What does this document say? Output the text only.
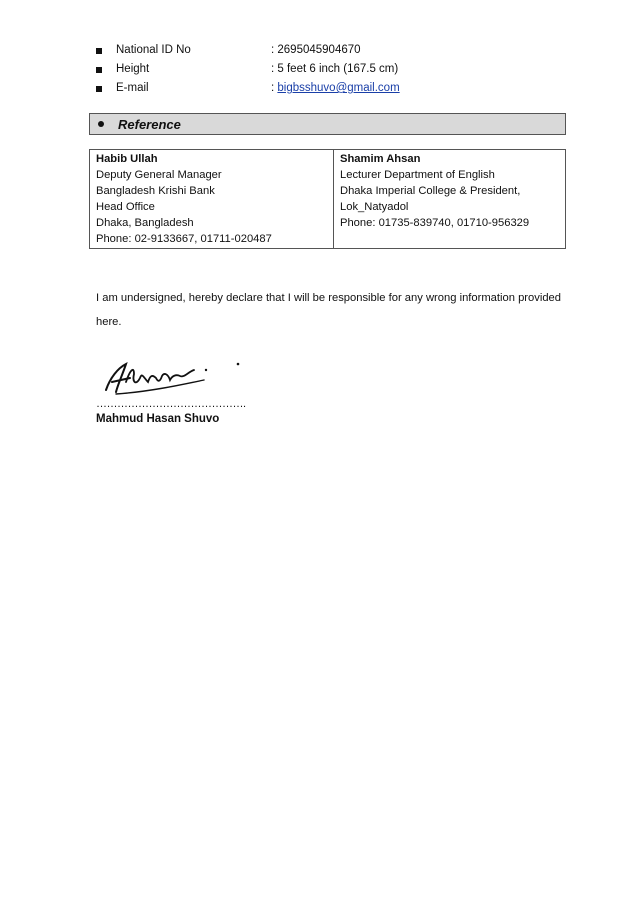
National ID No	: 2695045904670
Height	: 5 feet 6 inch (167.5 cm)
E-mail	: bigbsshuvo@gmail.com
Reference
Habib Ullah
Deputy General Manager
Bangladesh Krishi Bank
Head Office
Dhaka, Bangladesh
Phone: 02-9133667, 01711-020487

Shamim Ahsan
Lecturer Department of English
Dhaka Imperial College & President,
Lok_Natyadol
Phone: 01735-839740, 01710-956329

I am undersigned, hereby declare that I will be responsible for any wrong information provided here.

…………………………………….
Mahmud Hasan Shuvo
